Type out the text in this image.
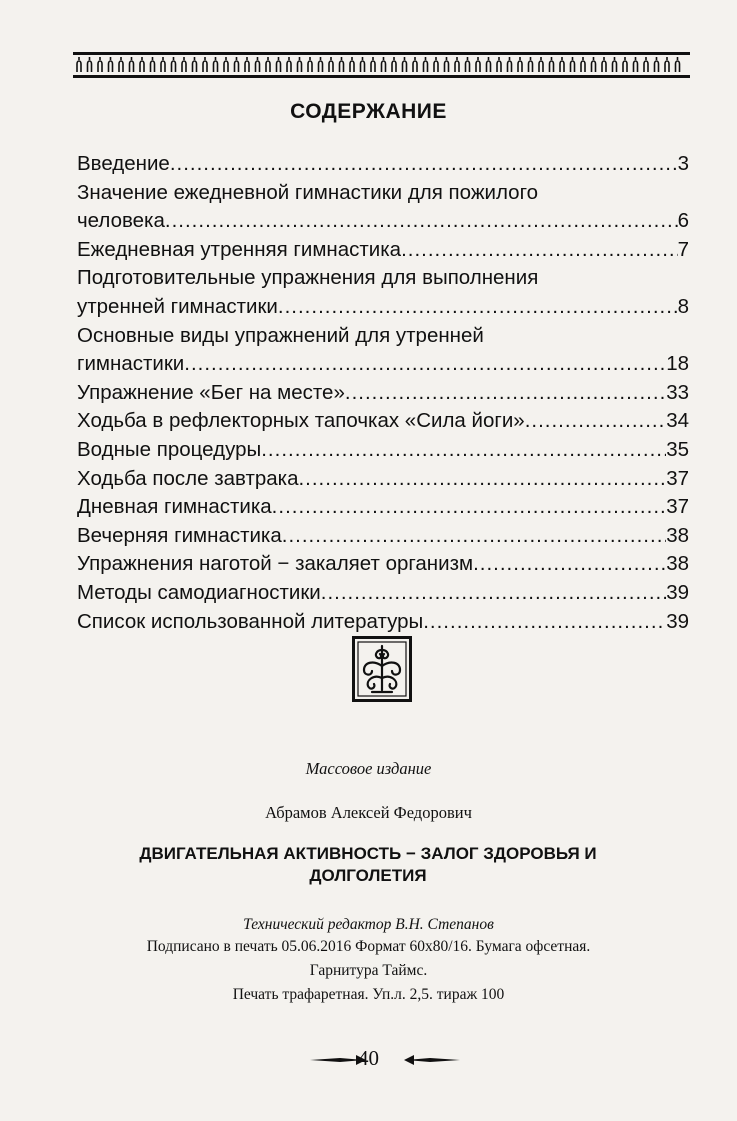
СОДЕРЖАНИЕ
Введение .....	3
Значение ежедневной гимнастики для пожилого
человека .....	6
Ежедневная утренняя гимнастика .....	7
Подготовительные упражнения для выполнения
утренней гимнастики .....	8
Основные виды упражнений для утренней
гимнастики .....	18
Упражнение «Бег на месте» .....	33
Ходьба в рефлекторных тапочках «Сила йоги» .....	34
Водные процедуры .....	35
Ходьба после завтрака .....	37
Дневная гимнастика .....	37
Вечерняя гимнастика .....	38
Упражнения наготой − закаляет организм .....	38
Методы самодиагностики .....	39
Список использованной литературы .....	39
Массовое издание
Абрамов Алексей Федорович
ДВИГАТЕЛЬНАЯ АКТИВНОСТЬ − ЗАЛОГ ЗДОРОВЬЯ И ДОЛГОЛЕТИЯ
Технический редактор В.Н. Степанов
Подписано в печать 05.06.2016 Формат 60х80/16. Бумага офсетная.
Гарнитура Таймс.
Печать трафаретная. Уп.л. 2,5. тираж 100
40
